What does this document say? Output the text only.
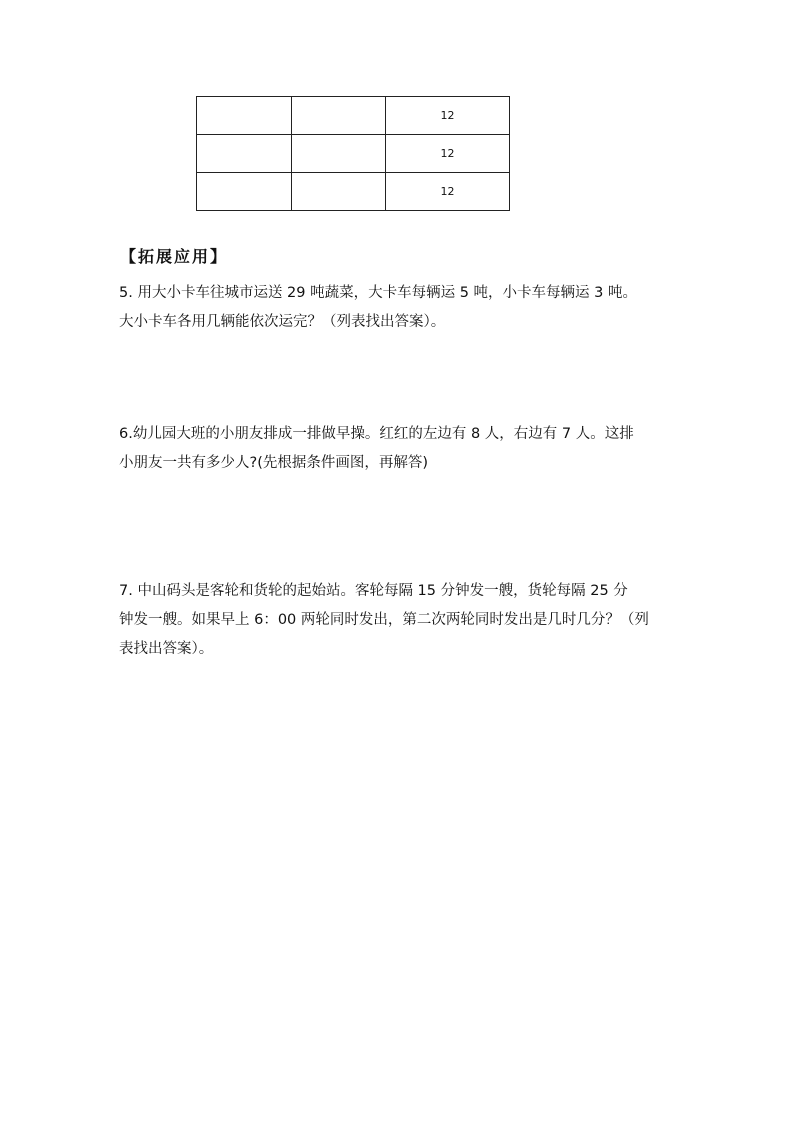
		12
		12
		12
【拓展应用】
5. 用大小卡车往城市运送 29 吨蔬菜，大卡车每辆运 5 吨，小卡车每辆运 3 吨。
大小卡车各用几辆能依次运完？（列表找出答案）。
6.幼儿园大班的小朋友排成一排做早操。红红的左边有 8 人，右边有 7 人。这排
小朋友一共有多少人?(先根据条件画图，再解答)
7. 中山码头是客轮和货轮的起始站。客轮每隔 15 分钟发一艘，货轮每隔 25 分
钟发一艘。如果早上 6：00 两轮同时发出，第二次两轮同时发出是几时几分？（列
表找出答案）。
